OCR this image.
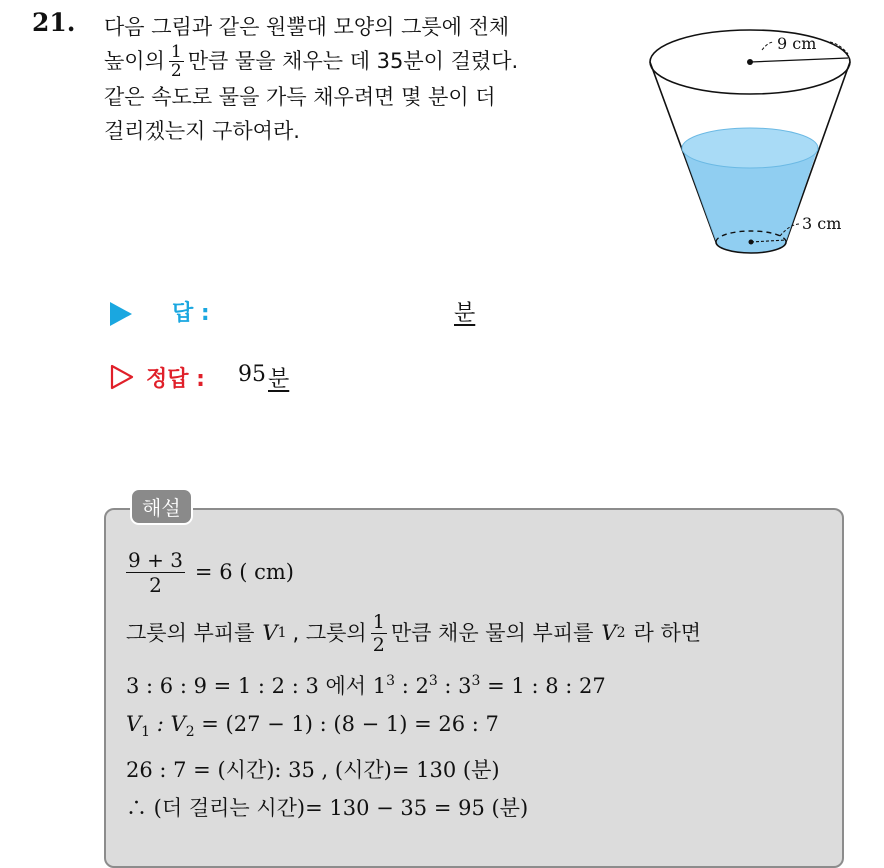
21. 다음 그림과 같은 원뿔대 모양의 그릇에 전체
높이의 $\frac{1}{2}$ 만큼 물을 채우는 데 35분이 걸렸다.
같은 속도로 물을 가득 채우려면 몇 분이 더
걸리겠는지 구하여라.
9 cm
3 cm
답 :	분
정답 : 95 분
해설
$\frac{9 + 3}{2} = 6$ ( cm)
그릇의 부피를 V 1 , 그릇의 $\frac{1}{2}$ 만큼 채운 물의 부피를 V 2 라 하면
3 : 6 : 9 = 1 : 2 : 3 에서 $1^3$ : $2^3$ : $3^3 = 1$ : 8 : 27
$V_1$ : $V_2 = (27 - 1)$ : (8 − 1) = 26 : 7
26 : 7 = (시간): 35 , (시간)= 130 (분)
∴ (더 걸리는 시간)= 130 − 35 = 95 (분)
